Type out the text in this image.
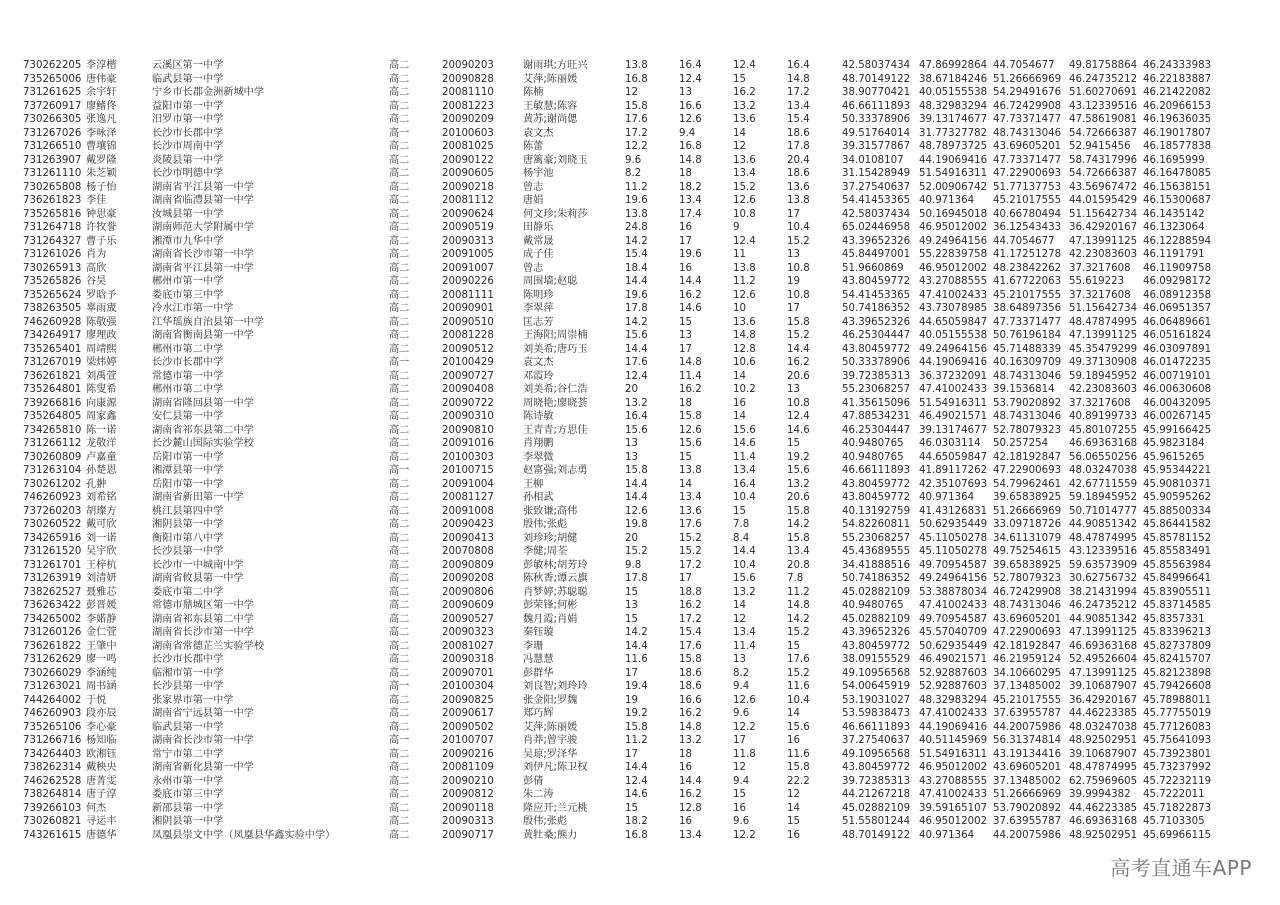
730262205 李淳楷	云溪区第一中学	高二	20090203	谢雨琪;方旺兴	13.8	16.4	12.4	16.4	42.58037434 47.86992864 44.7054677	49.81758864 46.24333983
735265006 唐伟豪	临武县第一中学	高二	20090828	艾萍;陈丽媛	16.8	12.4	15	14.8	48.70149122 38.67184246 51.26666969 46.24735212 46.22183887
731261625 余宇轩	宁乡市长郡金洲新城中学	高二	20081110	陈楠	12	13	16.2	17.2	38.90770421 40.05155538 54.29491676 51.60270691 46.21422082
737260917 廖鳍佟	益阳市第一中学	高二	20081223	王敏慧;陈容	15.8	16.6	13.2	13.4	46.66111893 48.32983294 46.72429908 43.12339516 46.20966153
730266305 张逸凡	汨罗市第一中学	高二	20090209	黄苏;谢尚偲	17.6	12.6	13.6	15.4	50.33378906 39.13174677 47.73371477 47.58619081 46.19636035
731267026 李咏泽	长沙市长郡中学	高一	20100603	袁文杰	17.2	9.4	14	18.6	49.51764014 31.77327782 48.74313046 54.72666387 46.19017807
731266510 曹壤锦	长沙市周南中学	高二	20081025	陈蕾	12.2	16.8	12	17.8	39.31577867 48.78973725 43.69605201 52.9415456	46.18577838
731263907 戴罗隆	炎陵县第一中学	高二	20090122	唐篱豪;刘晓玉	9.6	14.8	13.6	20.4	34.0108107	44.19069416 47.73371477 58.74317996 46.1695999
731261110 朱芝颖	长沙市明德中学	高二	20090605	杨宇池	8.2	18	13.4	18.6	31.15428949 51.54916311 47.22900693 54.72666387 46.16478085
730265808 杨子怡	湖南省平江县第一中学	高二	20090218	曾志	11.2	18.2	15.2	13.6	37.27540637 52.00906742 51.77137753 43.56967472 46.15638151
736261823 李佳	湖南省临澧县第一中学	高二	20081112	唐娟	19.6	13.4	12.6	13.8	54.41453365 40.971364	45.21017555 44.01595429 46.15300687
735265816 钟思豪	汝城县第一中学	高二	20090624	何文珍;朱莉莎	13.8	17.4	10.8	17	42.58037434 50.16945018 40.66780494 51.15642734 46.1435142
731264718 许牧誉	湖南师范大学附属中学	高二	20090519	田静乐	24.8	16	9	10.4	65.02446958 46.95012002 36.12543433 36.42920167 46.1323064
731264327 曹子乐	湘潭市九华中学	高二	20090313	戴常晟	14.2	17	12.4	15.2	43.39652326 49.24964156 44.7054677	47.13991125 46.12288594
731261026 肖为	湖南省长沙市第一中学	高二	20091005	成子佳	15.4	19.6	11	13	45.84497001 55.22839758 41.17251278 42.23083603 46.1191791
730265913 高欣	湖南省平江县第一中学	高二	20091007	曾志	18.4	16	13.8	10.8	51.9660869	46.95012002 48.23842262 37.3217608	46.11909758
735265826 谷昊	郴州市第一中学	高二	20090226	周围墙;赵聪	14.4	14.4	11.2	19	43.80459772 43.27088555 41.67722063 55.619223	46.09298172
735265624 罗晗予	娄底市第三中学	高二	20081111	陈明珍	19.6	16.2	12.6	10.8	54.41453365 47.41002433 45.21017555 37.3217608	46.08912358
738263505 辜雨宬	冷水江市第一中学	高二	20090901	李翠萍	17.8	14.6	10	17	50.74186352 43.73078985 38.64897356 51.15642734 46.06951357
746260928 陈敬强	江华瑶族自治县第一中学	高二	20090510	匡志芳	14.2	15	13.6	15.8	43.39652326 44.65059847 47.73371477 48.47874995 46.06489661
734264917 廖理政	湖南省衡南县第一中学	高二	20081228	王海阳;周崇楠	15.6	13	14.8	15.2	46.25304447 40.05155538 50.76196184 47.13991125 46.05161824
735265401 周靖熙	郴州市第二中学	高二	20090512	刘美希;唐巧玉	14.4	17	12.8	14.4	43.80459772 49.24964156 45.71488339 45.35479299 46.03097891
731267019 梁炜婷	长沙市长郡中学	高一	20100429	袁文杰	17.6	14.8	10.6	16.2	50.33378906 44.19069416 40.16309709 49.37130908 46.01472235
736261821 刘禹萱	常德市第一中学	高二	20090727	邓霞玲	12.4	11.4	14	20.6	39.72385313 36.37232091 48.74313046 59.18945952 46.00719101
735264801 陈叟希	郴州市第二中学	高二	20090408	刘美希;谷仁浩	20	16.2	10.2	13	55.23068257 47.41002433 39.1536814	42.23083603 46.00630608
739266816 向康源	湖南省隆回县第一中学	高二	20090722	周晓艳;廖晓荟	13.2	18	16	10.8	41.35615096 51.54916311 53.79020892 37.3217608	46.00432095
735264805 周家鑫	安仁县第一中学	高二	20090310	陈诗敏	16.4	15.8	14	12.4	47.88534231 46.49021571 48.74313046 40.89199733 46.00267145
734265810 陈一诺	湖南省祁东县第二中学	高二	20090810	王青青;方思佳	15.6	12.6	15.6	14.6	46.25304447 39.13174677 52.78079323 45.80107255 45.99166425
731266112 龙敬洋	长沙麓山国际实验学校	高二	20091016	肖翔鹏	13	15.6	14.6	15	40.9480765	46.0303114	50.257254	46.69363168 45.9823184
730260809 卢嘉童	岳阳市第一中学	高二	20100303	李翠微	13	15	11.4	19.2	40.9480765	44.65059847 42.18192847 56.06550256 45.9615265
731263104 孙楚恩	湘潭县第一中学	高一	20100715	赵富强;刘志勇	15.8	13.8	13.4	15.6	46.66111893 41.89117262 47.22900693 48.03247038 45.95344221
730261202 孔翀	岳阳市第一中学	高二	20091004	王柳	14.4	14	16.4	13.2	43.80459772 42.35107693 54.79962461 42.67711559 45.90810371
746260923 刘希铭	湖南省新田第一中学	高二	20081127	孙相武	14.4	13.4	10.4	20.6	43.80459772 40.971364	39.65838925 59.18945952 45.90595262
737260203 胡璨方	桃江县第四中学	高二	20091008	张致谦;高伟	12.6	13.6	15	15.8	40.13192759 41.43126831 51.26666969 50.71014777 45.88500334
730260522 戴可欣	湘阴县第一中学	高二	20090423	殷伟;张彪	19.8	17.6	7.8	14.2	54.82260811 50.62935449 33.09718726 44.90851342 45.86441582
734265916 刘一诺	衡阳市第八中学	高二	20090413	刘珍珍;胡健	20	15.2	8.4	15.8	55.23068257 45.11050278 34.61131079 48.47874995 45.85781152
731261520 吴宇欣	长沙县第一中学	高二	20070808	李健;周荃	15.2	15.2	14.4	13.4	45.43689555 45.11050278 49.75254615 43.12339516 45.85583491
731261701 王梓杭	长沙市一中城南中学	高二	20090809	彭敏林;胡芳玲	9.8	17.2	10.4	20.8	34.41888516 49.70954587 39.65838925 59.63573909 45.85563984
731263919 刘清妍	湖南省攸县第一中学	高二	20090208	陈秋香;谭云旗	17.8	17	15.6	7.8	50.74186352 49.24964156 52.78079323 30.62756732 45.84996641
738262527 聂雅芯	娄底市第二中学	高二	20090806	肖梦婷;苏聪聪	15	18.8	13.2	11.2	45.02882109 53.38878034 46.72429908 38.21431994 45.83905511
736263422 彭晋媛	常德市鼎城区第一中学	高二	20090609	彭荣锋;何彬	13	16.2	14	14.8	40.9480765	47.41002433 48.74313046 46.24735212 45.83714585
734265002 李婼静	湖南省祁东县第二中学	高二	20090527	魏月霞;肖娟	15	17.2	12	14.2	45.02882109 49.70954587 43.69605201 44.90851342 45.8357331
731260126 金仁萱	湖南省长沙市第一中学	高二	20090323	秦钰璇	14.2	15.4	13.4	15.2	43.39652326 45.57040709 47.22900693 47.13991125 45.83396213
736261822 王肇中	湖南省常德芷兰实验学校	高二	20081027	李珊	14.4	17.6	11.4	15	43.80459772 50.62935449 42.18192847 46.69363168 45.82737809
731262629 廖一鸣	长沙市长郡中学	高二	20090318	冯慧慧	11.6	15.8	13	17.6	38.09155529 46.49021571 46.21959124 52.49526604 45.82415707
730266029 李涵纯	临湘市第一中学	高二	20090701	彭群华	17	18.6	8.2	15.2	49.10956568 52.92887603 34.10660295 47.13991125 45.82123898
731263021 周书涵	长沙县第一中学	高一	20100304	刘良智;刘玲玲	19.4	18.6	9.4	11.6	54.00645919 52.92887603 37.13485002 39.10687907 45.79426608
744264002 于悦	张家界市第一中学	高二	20090825	张金阳;罗魏	19	16.6	12.6	10.4	53.19031027 48.32983294 45.21017555 36.42920167 45.78988011
746260903 段亦辰	湖南省宁远县第一中学	高二	20090617	郑巧辉	19.2	16.2	9.6	14	53.59838473 47.41002433 37.63955787 44.46223385 45.77755019
735265106 李心豪	临武县第一中学	高二	20090502	艾萍;陈丽媛	15.8	14.8	12.2	15.6	46.66111893 44.19069416 44.20075986 48.03247038 45.77126083
731266716 杨知临	湖南省长沙市第一中学	高一	20100707	肖莽;曾宇骏	11.2	13.2	17	16	37.27540637 40.51145969 56.31374814 48.92502951 45.75641093
734264403 欧湘钰	常宁市第二中学	高二	20090216	吴琼;罗泽华	17	18	11.8	11.6	49.10956568 51.54916311 43.19134416 39.10687907 45.73923801
738262314 戴秧央	湖南省新化县第一中学	高二	20081109	刘伊凡;陈卫权	14.4	16	12	15.8	43.80459772 46.95012002 43.69605201 48.47874995 45.73237992
746262528 唐菁雯	永州市第一中学	高二	20090210	彭倩	12.4	14.4	9.4	22.2	39.72385313 43.27088555 37.13485002 62.75969605 45.72232119
738264814 唐子淳	娄底市第三中学	高二	20090812	朱二涛	14.6	16.2	15	12	44.21267218 47.41002433 51.26666969 39.9994382	45.7222011
739266103 何杰	新邵县第一中学	高二	20090118	隆应开;兰元桃	15	12.8	16	14	45.02882109 39.59165107 53.79020892 44.46223385 45.71822873
730260821 寻运丰	湘阴县第一中学	高二	20090313	殷伟;张彪	18.2	16	9.6	15	51.55801244 46.95012002 37.63955787 46.69363168 45.7103305
743261615 唐德华	凤凰县崇文中学（凤凰县华鑫实验中学）	高二	20090717	黄牡桑;熊力	16.8	13.4	12.2	16	48.70149122 40.971364	44.20075986 48.92502951 45.69966115
高考直通车APP
